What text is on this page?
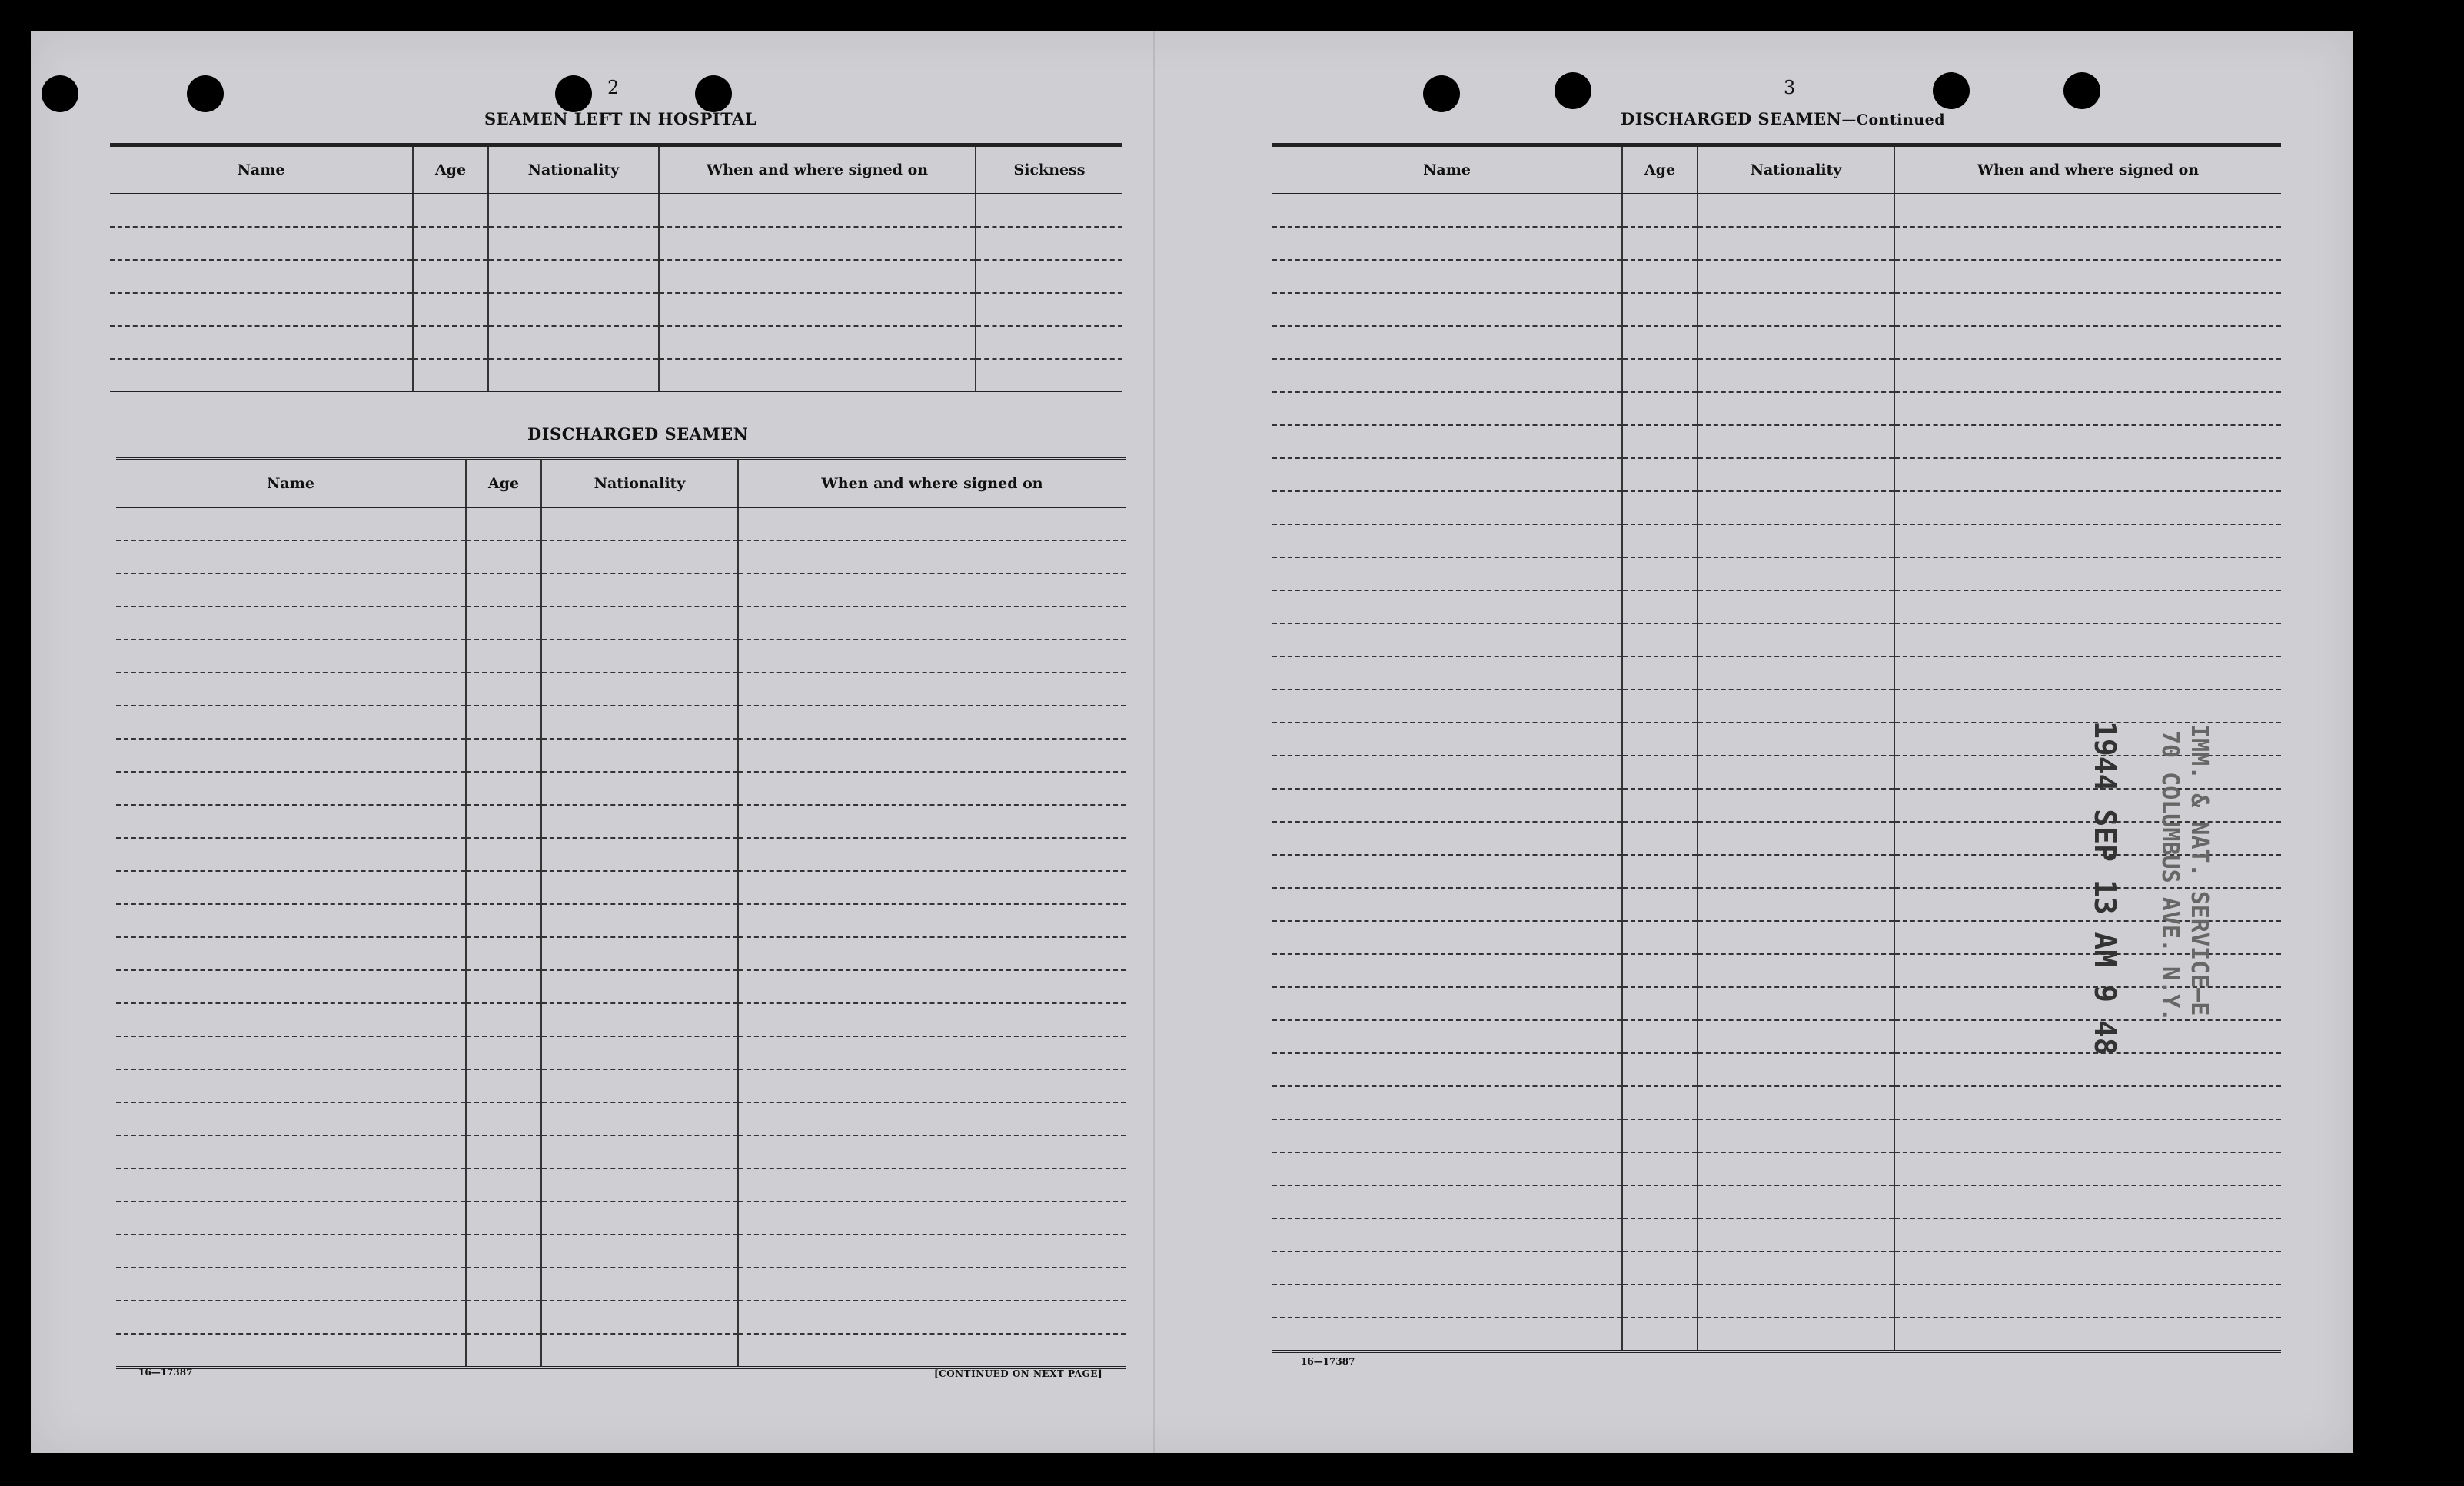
2
SEAMEN LEFT IN HOSPITAL
Name	Age	Nationality	When and where signed on	Sickness

DISCHARGED SEAMEN
Name	Age	Nationality	When and where signed on

16—17387	[CONTINUED ON NEXT PAGE]
3
DISCHARGED SEAMEN—Continued
Name	Age	Nationality	When and where signed on

16—17387
1944 SEP 13 AM 9 48	IMM. & NAT. SERVICE—E
70 COLUMBUS AVE. N.Y.
